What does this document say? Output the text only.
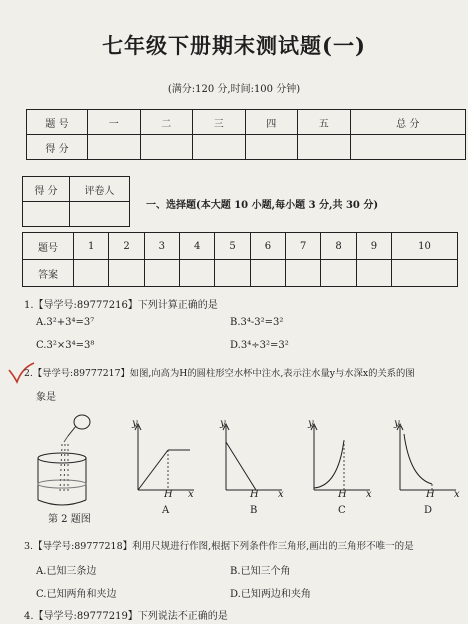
七年级下册期末测试题(一)
(满分:120 分,时间:100 分钟)
题 号	一	二	三	四	五	总 分
得 分						
得 分	评卷人

一、选择题(本大题 10 小题,每小题 3 分,共 30 分)
题号	1	2	3	4	5	6	7	8	9	10
答案										
1.【导学号:89777216】下列计算正确的是
A.3²+3⁴=3⁷	B.3⁴-3²=3²
C.3²×3⁴=3⁸	D.3⁴÷3²=3²
2.【导学号:89777217】如图,向高为H的圆柱形空水杯中注水,表示注水量y与水深x的关系的图
象是
第 2 题图
y
H x
A
y
H x
B
y
H x
C
y
H x
D
3.【导学号:89777218】利用尺规进行作图,根据下列条件作三角形,画出的三角形不唯一的是
A.已知三条边	B.已知三个角
C.已知两角和夹边	D.已知两边和夹角
4.【导学号:89777219】下列说法不正确的是
